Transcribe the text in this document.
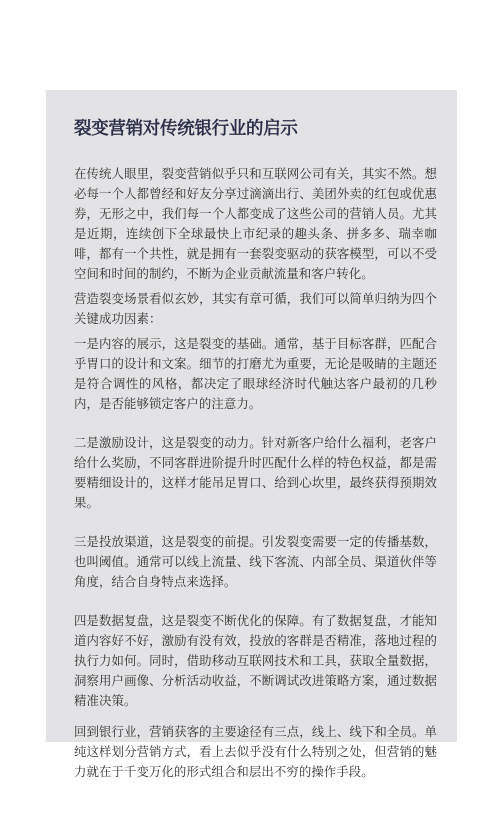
裂变营销对传统银行业的启示

在传统人眼里，裂变营销似乎只和互联网公司有关，其实不然。想必每一个人都曾经和好友分享过滴滴出行、美团外卖的红包或优惠券，无形之中，我们每一个人都变成了这些公司的营销人员。尤其是近期，连续创下全球最快上市纪录的趣头条、拼多多、瑞幸咖啡，都有一个共性，就是拥有一套裂变驱动的获客模型，可以不受空间和时间的制约，不断为企业贡献流量和客户转化。

营造裂变场景看似玄妙，其实有章可循，我们可以简单归纳为四个关键成功因素：

一是内容的展示，这是裂变的基础。通常，基于目标客群，匹配合乎胃口的设计和文案。细节的打磨尤为重要，无论是吸睛的主题还是符合调性的风格，都决定了眼球经济时代触达客户最初的几秒内，是否能够锁定客户的注意力。

二是激励设计，这是裂变的动力。针对新客户给什么福利，老客户给什么奖励，不同客群进阶提升时匹配什么样的特色权益，都是需要精细设计的，这样才能吊足胃口、给到心坎里，最终获得预期效果。

三是投放渠道，这是裂变的前提。引发裂变需要一定的传播基数，也叫阈值。通常可以线上流量、线下客流、内部全员、渠道伙伴等角度，结合自身特点来选择。

四是数据复盘，这是裂变不断优化的保障。有了数据复盘，才能知道内容好不好，激励有没有效，投放的客群是否精准，落地过程的执行力如何。同时，借助移动互联网技术和工具，获取全量数据，洞察用户画像、分析活动收益，不断调试改进策略方案，通过数据精准决策。

回到银行业，营销获客的主要途径有三点，线上、线下和全员。单纯这样划分营销方式，看上去似乎没有什么特别之处，但营销的魅力就在于千变万化的形式组合和层出不穷的操作手段。
